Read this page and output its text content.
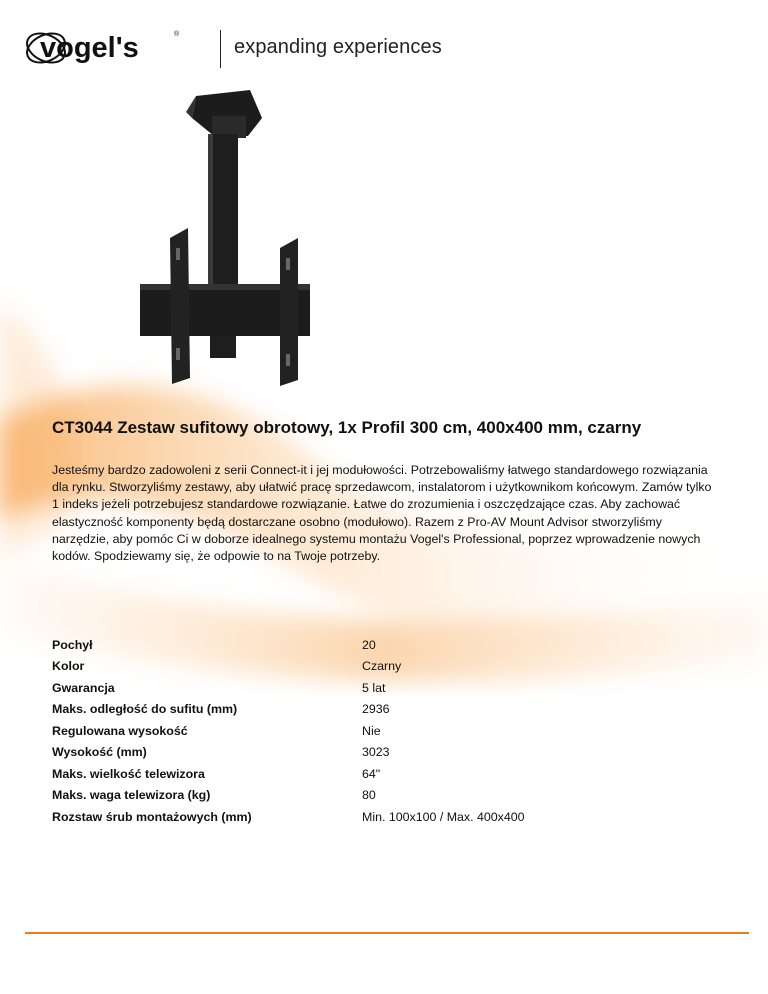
vogel's	®
expanding experiences
CT3044 Zestaw sufitowy obrotowy, 1x Profil 300 cm, 400x400 mm, czarny

Jesteśmy bardzo zadowoleni z serii Connect-it i jej modułowości. Potrzebowaliśmy łatwego standardowego rozwiązania dla rynku. Stworzyliśmy zestawy, aby ułatwić pracę sprzedawcom, instalatorom i użytkownikom końcowym. Zamów tylko 1 indeks jeżeli potrzebujesz standardowe rozwiązanie. Łatwe do zrozumienia i oszczędzające czas. Aby zachować elastyczność komponenty będą dostarczane osobno (modułowo). Razem z Pro-AV Mount Advisor stworzyliśmy narzędzie, aby pomóc Ci w doborze idealnego systemu montażu Vogel's Professional, poprzez wprowadzenie nowych kodów. Spodziewamy się, że odpowie to na Twoje potrzeby.

Pochył	20
Kolor	Czarny
Gwarancja	5 lat
Maks. odległość do sufitu (mm)	2936
Regulowana wysokość	Nie
Wysokość (mm)	3023
Maks. wielkość telewizora	64"
Maks. waga telewizora (kg)	80
Rozstaw śrub montażowych (mm)	Min. 100x100 / Max. 400x400
